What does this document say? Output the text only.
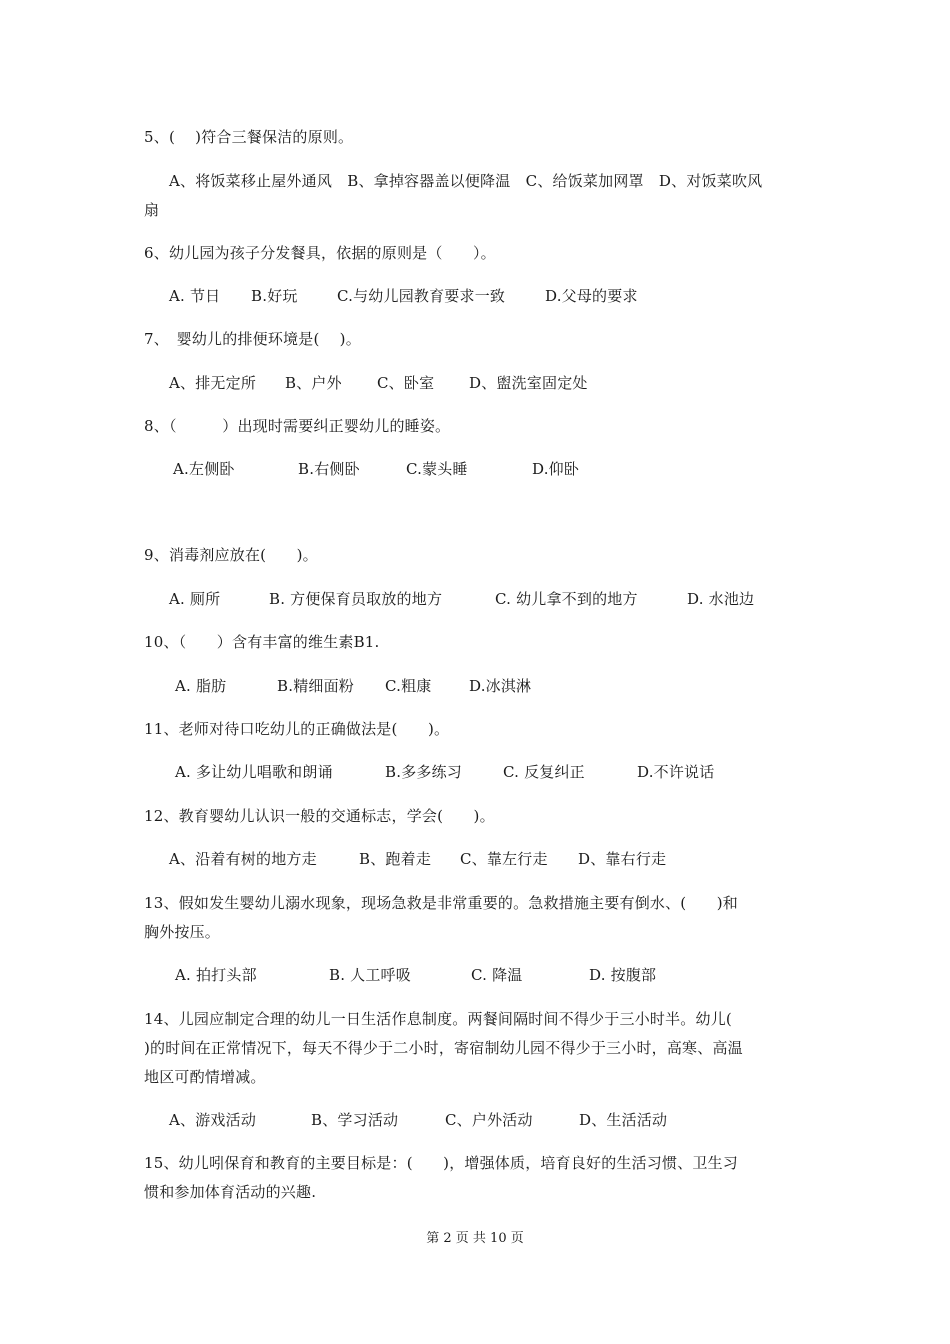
5、(　 )符合三餐保洁的原则。
A、将饭菜移止屋外通风　B、拿掉容器盖以便降温　C、给饭菜加网罩　D、对饭菜吹风
扇
6、幼儿园为孩子分发餐具，依据的原则是（　　）。
A. 节日 B.好玩	C.与幼儿园教育要求一致	D.父母的要求
7、　婴幼儿的排便环境是(　 )。
A、排无定所 B、户外 C、卧室 D、盥洗室固定处
8、（　　　）出现时需要纠正婴幼儿的睡姿。
A.左侧卧	B.右侧卧	C.蒙头睡	D.仰卧
9、消毒剂应放在(　　)。
A. 厕所	B. 方便保育员取放的地方	C. 幼儿拿不到的地方	D. 水池边
10、（　　）含有丰富的维生素B1.
A. 脂肪	B.精细面粉 C.粗康 D.冰淇淋
11、老师对待口吃幼儿的正确做法是(　　)。
A. 多让幼儿唱歌和朗诵	B.多多练习	C. 反复纠正	D.不许说话
12、教育婴幼儿认识一般的交通标志，学会(　　)。
A、沿着有树的地方走	B、跑着走 C、靠左行走 D、靠右行走
13、假如发生婴幼儿溺水现象，现场急救是非常重要的。急救措施主要有倒水、(　　)和
胸外按压。
A. 拍打头部	B. 人工呼吸	C. 降温	D. 按腹部
14、儿园应制定合理的幼儿一日生活作息制度。两餐间隔时间不得少于三小时半。幼儿(
)的时间在正常情况下，每天不得少于二小时，寄宿制幼儿园不得少于三小时，高寒、高温
地区可酌情增减。
A、游戏活动	B、学习活动	C、户外活动	D、生活活动
15、幼儿吲保育和教育的主要目标是：(　　)，增强体质，培育良好的生活习惯、卫生习
惯和参加体育活动的兴趣.
第 2 页 共 10 页
